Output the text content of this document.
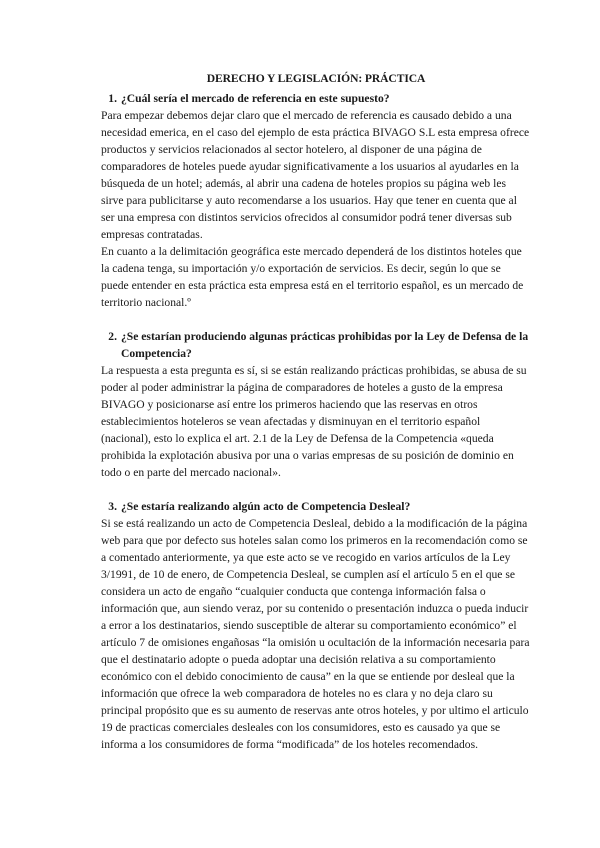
DERECHO Y LEGISLACIÓN: PRÁCTICA
1. ¿Cuál sería el mercado de referencia en este supuesto?

Para empezar debemos dejar claro que el mercado de referencia es causado debido a una necesidad emerica, en el caso del ejemplo de esta práctica BIVAGO S.L esta empresa ofrece productos y servicios relacionados al sector hotelero, al disponer de una página de comparadores de hoteles puede ayudar significativamente a los usuarios al ayudarles en la búsqueda de un hotel; además, al abrir una cadena de hoteles propios su página web les sirve para publicitarse y auto recomendarse a los usuarios. Hay que tener en cuenta que al ser una empresa con distintos servicios ofrecidos al consumidor podrá tener diversas sub empresas contratadas.

En cuanto a la delimitación geográfica este mercado dependerá de los distintos hoteles que la cadena tenga, su importación y/o exportación de servicios. Es decir, según lo que se puede entender en esta práctica esta empresa está en el territorio español, es un mercado de territorio nacional.º

2. ¿Se estarían produciendo algunas prácticas prohibidas por la Ley de Defensa de la Competencia?

La respuesta a esta pregunta es sí, si se están realizando prácticas prohibidas, se abusa de su poder al poder administrar la página de comparadores de hoteles a gusto de la empresa BIVAGO y posicionarse así entre los primeros haciendo que las reservas en otros establecimientos hoteleros se vean afectadas y disminuyan en el territorio español (nacional), esto lo explica el art. 2.1 de la Ley de Defensa de la Competencia «queda prohibida la explotación abusiva por una o varias empresas de su posición de dominio en todo o en parte del mercado nacional».

3. ¿Se estaría realizando algún acto de Competencia Desleal?

Si se está realizando un acto de Competencia Desleal, debido a la modificación de la página web para que por defecto sus hoteles salan como los primeros en la recomendación como se a comentado anteriormente, ya que este acto se ve recogido en varios artículos de la Ley 3/1991, de 10 de enero, de Competencia Desleal, se cumplen así el artículo 5 en el que se considera un acto de engaño “cualquier conducta que contenga información falsa o información que, aun siendo veraz, por su contenido o presentación induzca o pueda inducir a error a los destinatarios, siendo susceptible de alterar su comportamiento económico” el artículo 7 de omisiones engañosas “la omisión u ocultación de la información necesaria para que el destinatario adopte o pueda adoptar una decisión relativa a su comportamiento económico con el debido conocimiento de causa” en la que se entiende por desleal que la información que ofrece la web comparadora de hoteles no es clara y no deja claro su principal propósito que es su aumento de reservas ante otros hoteles, y por ultimo el articulo 19 de practicas comerciales desleales con los consumidores, esto es causado ya que se informa a los consumidores de forma “modificada” de los hoteles recomendados.
